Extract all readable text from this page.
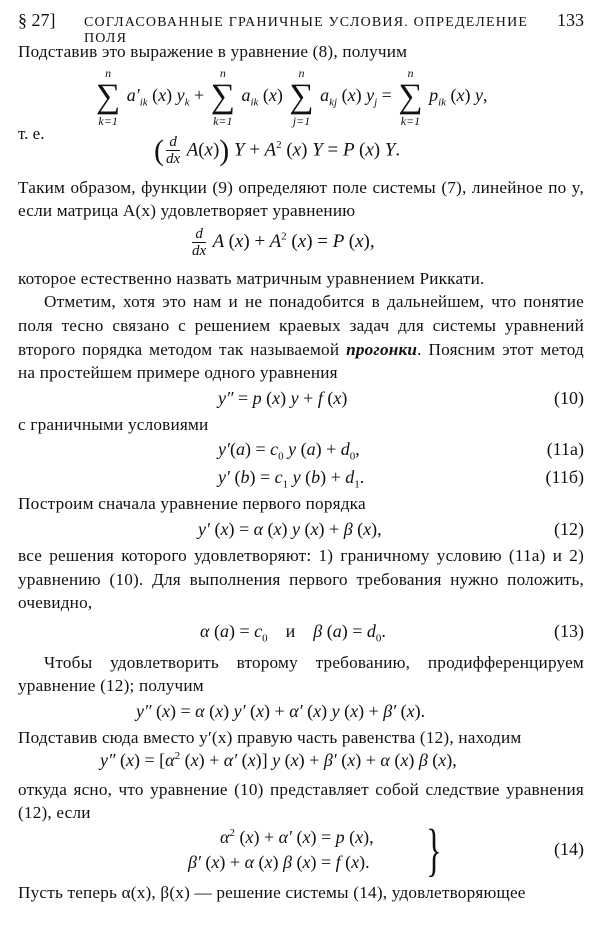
§ 27]	СОГЛАСОВАННЫЕ ГРАНИЧНЫЕ УСЛОВИЯ. ОПРЕДЕЛЕНИЕ ПОЛЯ
133

Подставив это выражение в уравнение (8), получим

n
∑
k=1
$a'_{ik}$ (x) $y_k$ +
n
∑
k=1
$a_{ik}$ (x)
n
∑
j=1
$a_{kj}$ (x) $y_j$ =
n
∑
k=1
$p_{ik}$ (x) y,
т. е.
( $\frac{d}{dx} A(x)$) $Y + A^2$ (x) Y = P (x) Y.

Таким образом, функции (9) определяют поле системы (7), линейное по y, если матрица A(x) удовлетворяет уравнению

$\frac{d}{dx}$ A $(x) + A^2$ (x) = P (x),

которое естественно назвать матричным уравнением Риккати.

Отметим, хотя это нам и не понадобится в дальнейшем, что понятие поля тесно связано с решением краевых задач для системы уравнений второго порядка методом так называемой прогонки. Поясним этот метод на простейшем примере одного уравнения

y″ = p (x) y + f (x)	(10)

с граничными условиями

$y'(a) = c_0$ y $(a) + d_0$,	(11а)
y′ $(b) = c_1$ y $(b) + d_1$.	(11б)

Построим сначала уравнение первого порядка

y′ (x) = α (x) y (x) + β (x),	(12)

все решения которого удовлетворяют: 1) граничному условию (11а) и 2) уравнению (10). Для выполнения первого требования нужно положить, очевидно,

α $(a) = c_0$ и    β $(a) = d_0$.	(13)

Чтобы удовлетворить второму требованию, продифференцируем уравнение (12); получим

y″ (x) = α (x) y′ (x) + α′ (x) y (x) + β′ (x).

Подставив сюда вместо y′(x) правую часть равенства (12), находим

y″ $(x) = [\alpha^2$ (x) + α′ (x)] y (x) + β′ (x) + α (x) β (x),

откуда ясно, что уравнение (10) представляет собой следствие уравнения (12), если

$\alpha^2$ (x) + α′ (x) = p (x),
β′ (x) + α (x) β (x) = f (x). }	(14)

Пусть теперь α(x), β(x) — решение системы (14), удовлетворяющее
